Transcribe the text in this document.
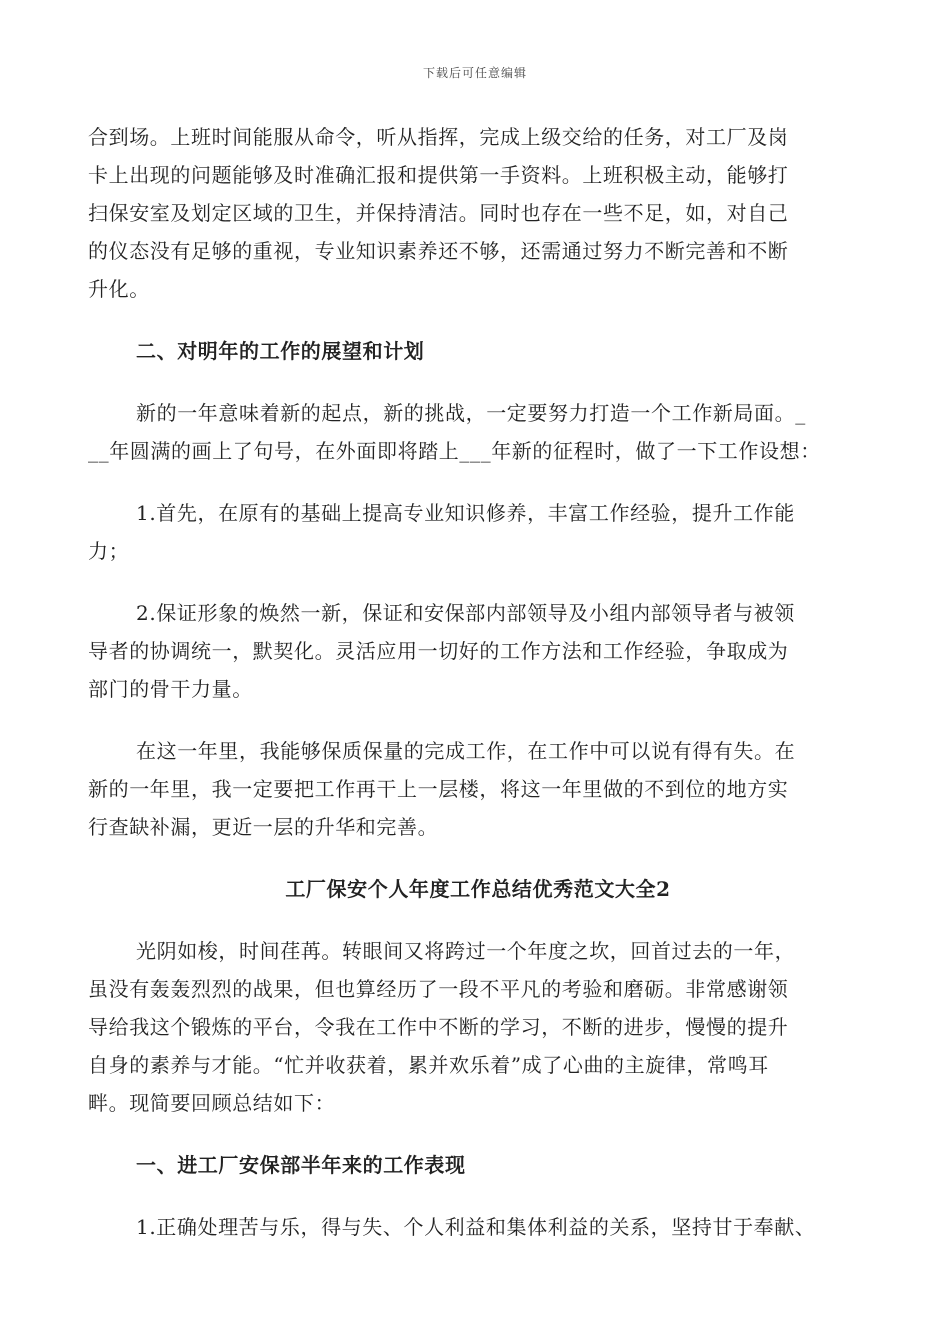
下载后可任意编辑
合到场。上班时间能服从命令，听从指挥，完成上级交给的任务，对工厂及岗
卡上出现的问题能够及时准确汇报和提供第一手资料。上班积极主动，能够打
扫保安室及划定区域的卫生，并保持清洁。同时也存在一些不足，如，对自己
的仪态没有足够的重视，专业知识素养还不够，还需通过努力不断完善和不断
升化。
二、对明年的工作的展望和计划
新的一年意味着新的起点，新的挑战，一定要努力打造一个工作新局面。_
__年圆满的画上了句号，在外面即将踏上___年新的征程时，做了一下工作设想：
1.首先，在原有的基础上提高专业知识修养，丰富工作经验，提升工作能
力；
2.保证形象的焕然一新，保证和安保部内部领导及小组内部领导者与被领
导者的协调统一，默契化。灵活应用一切好的工作方法和工作经验，争取成为
部门的骨干力量。
在这一年里，我能够保质保量的完成工作，在工作中可以说有得有失。在
新的一年里，我一定要把工作再干上一层楼，将这一年里做的不到位的地方实
行查缺补漏，更近一层的升华和完善。
工厂保安个人年度工作总结优秀范文大全2
光阴如梭，时间荏苒。转眼间又将跨过一个年度之坎，回首过去的一年，
虽没有轰轰烈烈的战果，但也算经历了一段不平凡的考验和磨砺。非常感谢领
导给我这个锻炼的平台，令我在工作中不断的学习，不断的进步，慢慢的提升
自身的素养与才能。“忙并收获着，累并欢乐着”成了心曲的主旋律，常鸣耳
畔。现简要回顾总结如下：
一、进工厂安保部半年来的工作表现
1.正确处理苦与乐，得与失、个人利益和集体利益的关系，坚持甘于奉献、
